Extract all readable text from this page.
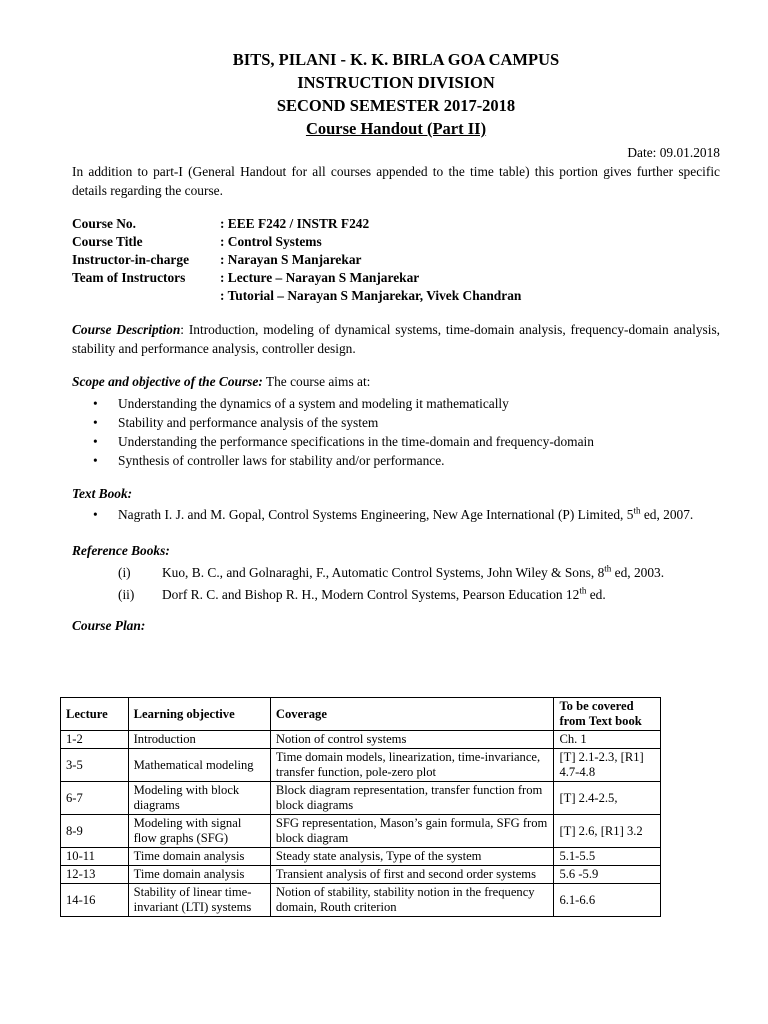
BITS, PILANI - K. K. BIRLA GOA CAMPUS
INSTRUCTION DIVISION
SECOND SEMESTER 2017-2018
Course Handout (Part II)
Date: 09.01.2018
In addition to part-I (General Handout for all courses appended to the time table) this portion gives further specific details regarding the course.
Course No.	: EEE F242 / INSTR F242
Course Title	: Control Systems
Instructor-in-charge	: Narayan S Manjarekar
Team of Instructors	: Lecture – Narayan S Manjarekar
	: Tutorial – Narayan S Manjarekar, Vivek Chandran
Course Description: Introduction, modeling of dynamical systems, time-domain analysis, frequency-domain analysis, stability and performance analysis, controller design.
Scope and objective of the Course: The course aims at:
• Understanding the dynamics of a system and modeling it mathematically
• Stability and performance analysis of the system
• Understanding the performance specifications in the time-domain and frequency-domain
• Synthesis of controller laws for stability and/or performance.
Text Book:
• Nagrath I. J. and M. Gopal, Control Systems Engineering, New Age International (P) Limited, 5th ed, 2007.
Reference Books:
(i) Kuo, B. C., and Golnaraghi, F., Automatic Control Systems, John Wiley & Sons, 8th ed, 2003.
(ii) Dorf R. C. and Bishop R. H., Modern Control Systems, Pearson Education 12th ed.
Course Plan:
Lecture	Learning objective	Coverage	To be covered from Text book
1-2	Introduction	Notion of control systems	Ch. 1
3-5	Mathematical modeling	Time domain models, linearization, time-invariance, transfer function, pole-zero plot	[T] 2.1-2.3, [R1] 4.7-4.8
6-7	Modeling with block diagrams	Block diagram representation, transfer function from block diagrams	[T] 2.4-2.5,
8-9	Modeling with signal flow graphs (SFG)	SFG representation, Mason’s gain formula, SFG from block diagram	[T] 2.6, [R1] 3.2
10-11	Time domain analysis	Steady state analysis, Type of the system	5.1-5.5
12-13	Time domain analysis	Transient analysis of first and second order systems	5.6 -5.9
14-16	Stability of linear time-invariant (LTI) systems	Notion of stability, stability notion in the frequency domain, Routh criterion	6.1-6.6
